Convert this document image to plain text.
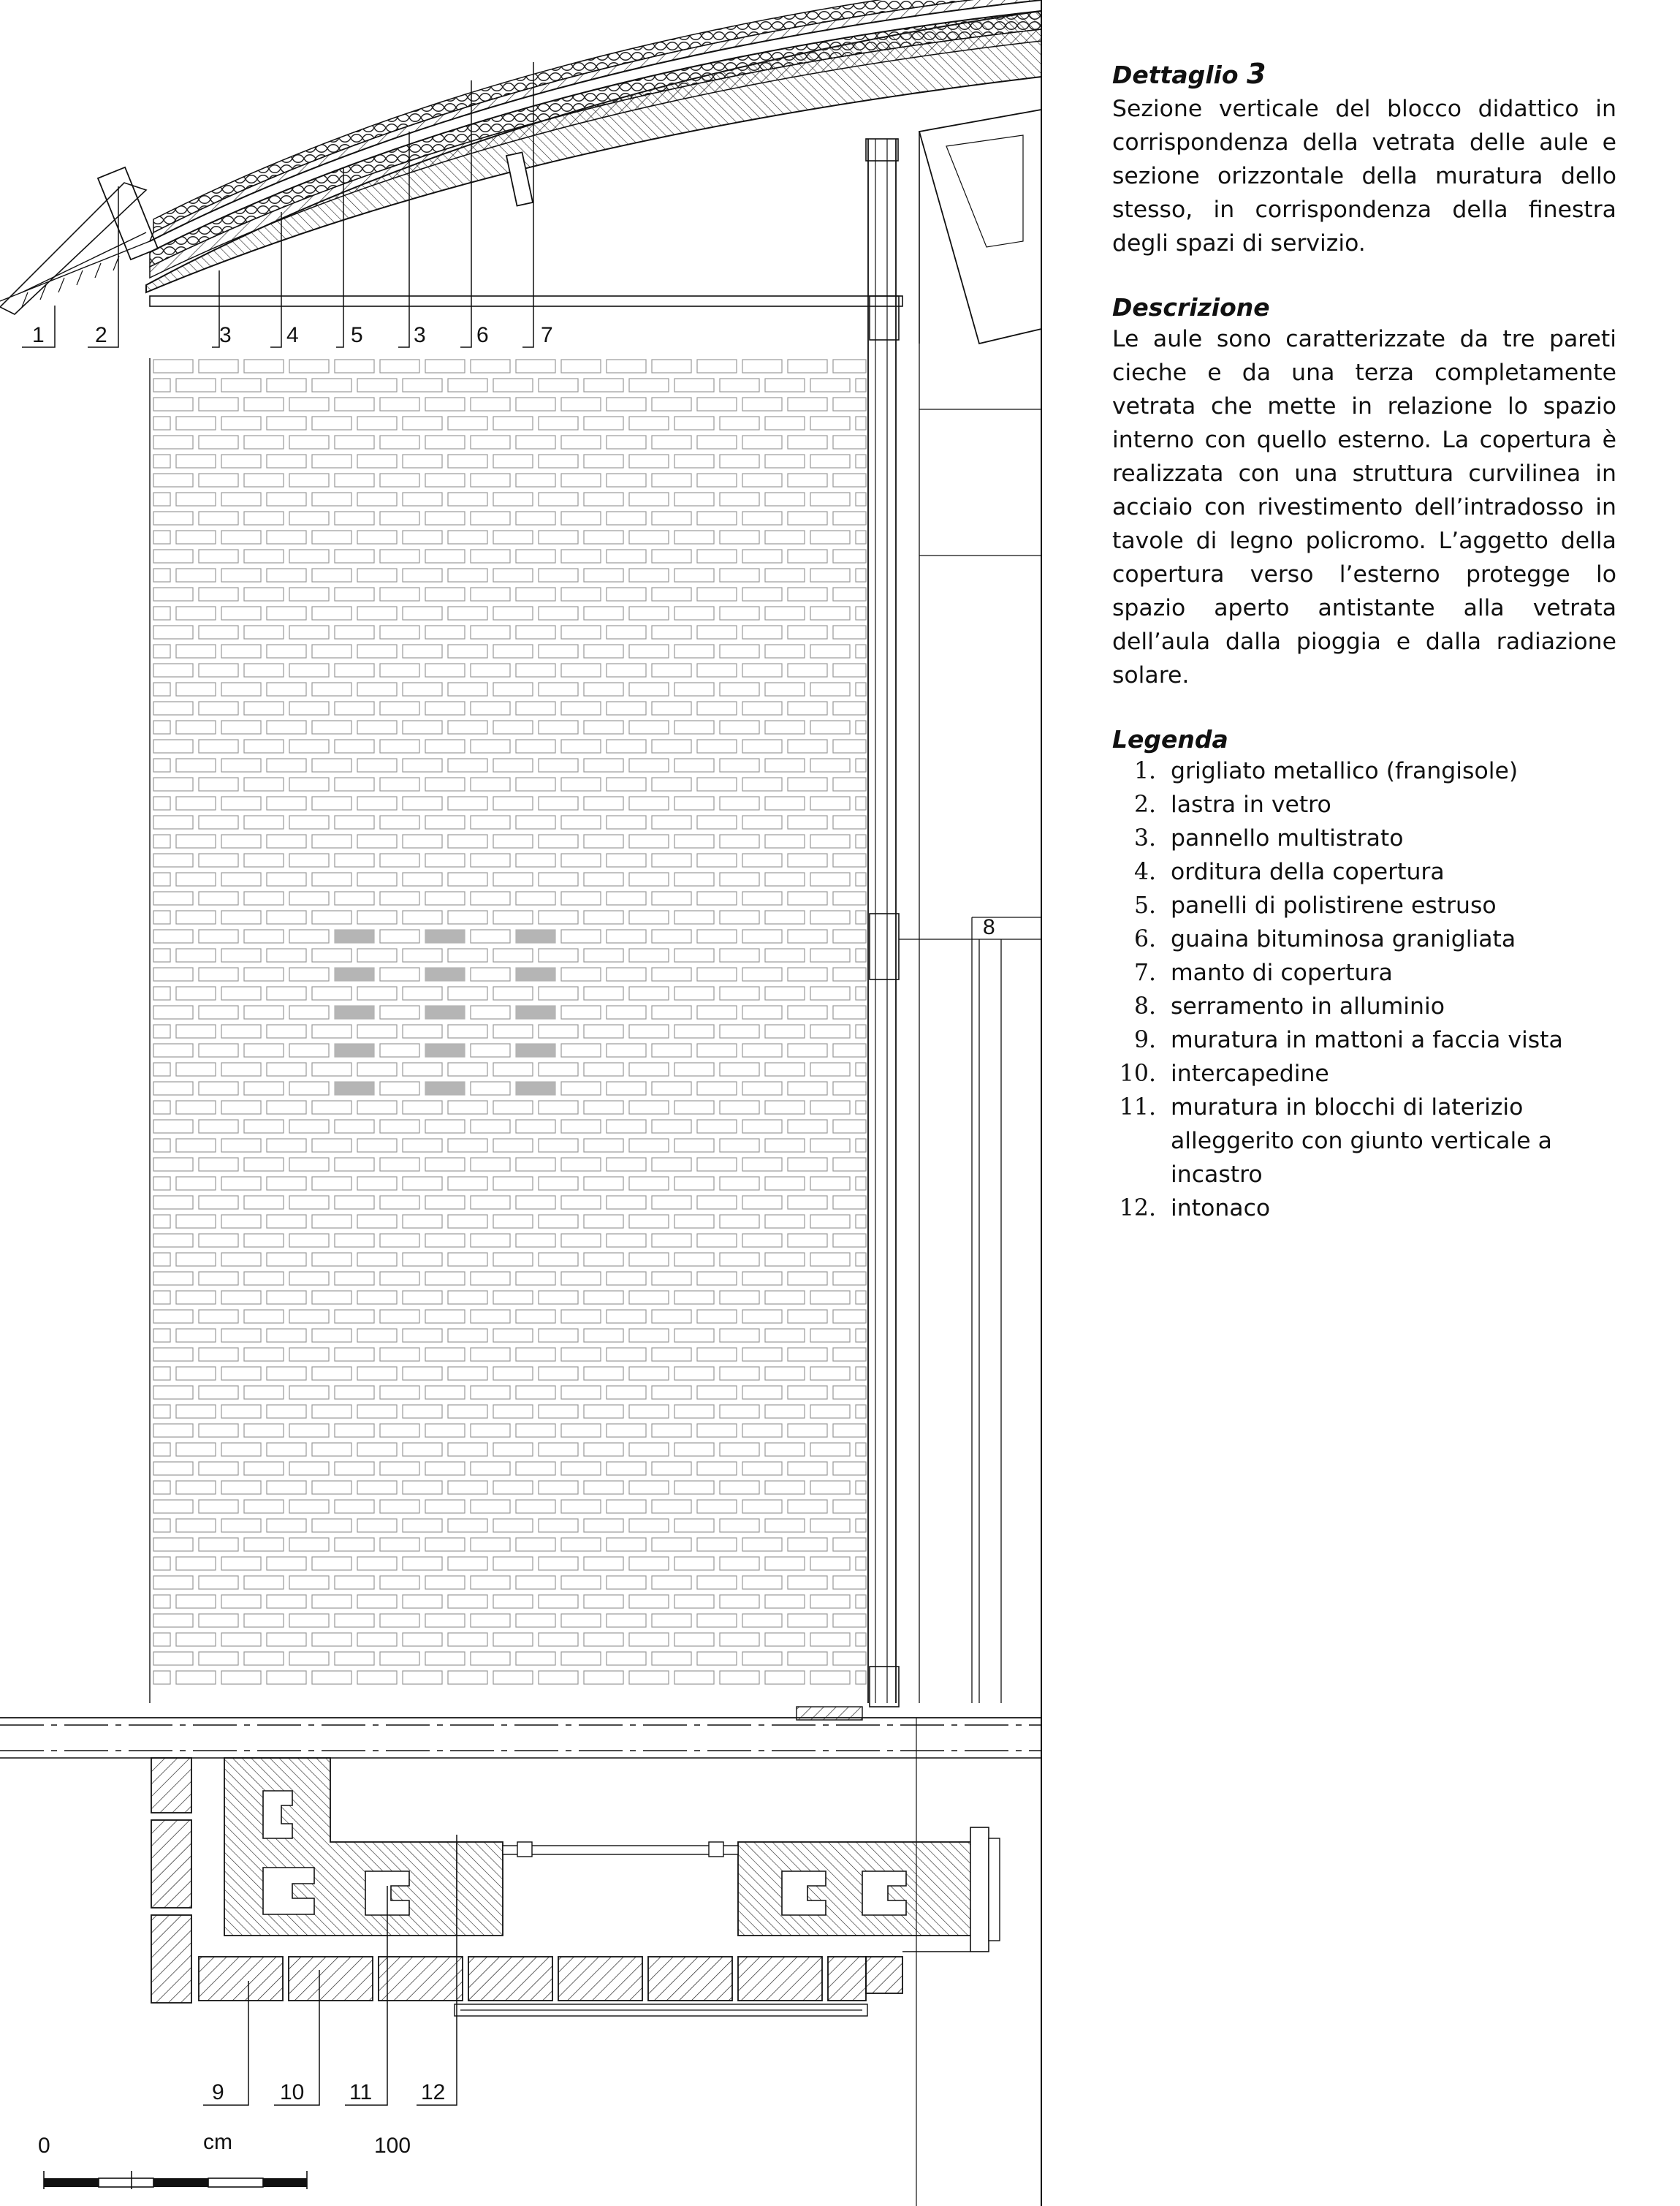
1 2	3	4 5 3 6 7
8
9	10 11 12
0	cm	100

Dettaglio 3

Sezione verticale del blocco didattico in corrispondenza della vetrata delle aule e sezione orizzontale della muratura dello stesso, in corrispondenza della finestra degli spazi di servizio.

Descrizione

Le aule sono caratterizzate da tre pareti cieche e da una terza completamente vetrata che mette in relazione lo spazio interno con quello esterno. La copertura è realizzata con una struttura curvilinea in acciaio con rivestimento dell’intradosso in tavole di legno policromo. L’aggetto della copertura verso l’esterno protegge lo spazio aperto antistante alla vetrata dell’aula dalla pioggia e dalla radiazione solare.

Legenda

1. grigliato metallico (frangisole)
2. lastra in vetro
3. pannello multistrato
4. orditura della copertura
5. panelli di polistirene estruso
6. guaina bituminosa granigliata
7. manto di copertura
8. serramento in alluminio
9. muratura in mattoni a faccia vista
10. intercapedine
11. muratura in blocchi di laterizio alleggerito con giunto verticale a incastro
12. intonaco
